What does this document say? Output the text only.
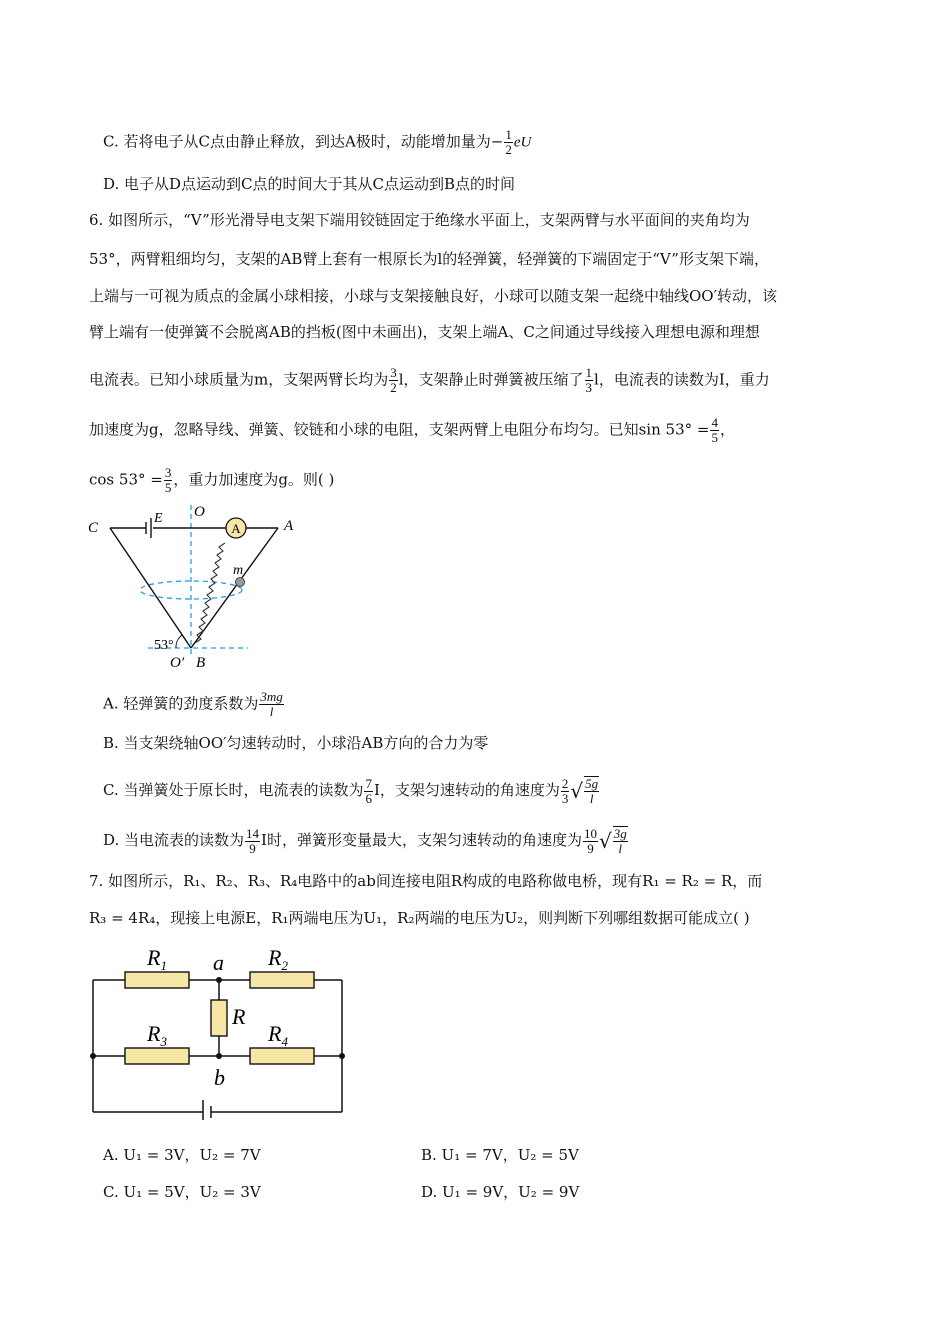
C. 若将电子从C点由静止释放，到达A极时，动能增加量为− $\frac{1}{2}$ eU
D. 电子从D点运动到C点的时间大于其从C点运动到B点的时间
6. 如图所示，“V”形光滑导电支架下端用铰链固定于绝缘水平面上，支架两臂与水平面间的夹角均为
53°，两臂粗细均匀，支架的AB臂上套有一根原长为l的轻弹簧，轻弹簧的下端固定于“V”形支架下端，
上端与一可视为质点的金属小球相接，小球与支架接触良好，小球可以随支架一起绕中轴线OO′转动，该
臂上端有一使弹簧不会脱离AB的挡板(图中未画出)，支架上端A、C之间通过导线接入理想电源和理想
电流表。已知小球质量为m，支架两臂长均为 $\frac{3}{2}$ l，支架静止时弹簧被压缩了 $\frac{1}{3}$ l，电流表的读数为I，重力
加速度为g，忽略导线、弹簧、铰链和小球的电阻，支架两臂上电阻分布均匀。已知$\sin 53^\circ = \frac{4}{5}$ ，
$\cos 53^\circ = \frac{3}{5}$ ，重力加速度为g。则( )
A
C
E O
A
m
53°
O′ B
A. 轻弹簧的劲度系数为 $\frac{3mg}{l}$
B. 当支架绕轴OO′匀速转动时，小球沿AB方向的合力为零
C. 当弹簧处于原长时，电流表的读数为 $\frac{7}{6}$ I，支架匀速转动的角速度为 $\frac{2}{3}$ √ $\frac{5g}{l}$
D. 当电流表的读数为 $\frac{14}{9}$ I时，弹簧形变量最大，支架匀速转动的角速度为 $\frac{10}{9}$ √ $\frac{3g}{l}$
7. 如图所示，R₁、R₂、R₃、R₄电路中的ab间连接电阻R构成的电路称做电桥，现有R₁ = R₂ = R，而
R₃ = 4R₄，现接上电源E，R₁两端电压为U₁，R₂两端的电压为U₂，则判断下列哪组数据可能成立( )
$R_1$ a $R_2$
R
$R_3$	$R_4$
b
A. U₁ = 3V，U₂ = 7V	B. U₁ = 7V，U₂ = 5V
C. U₁ = 5V，U₂ = 3V	D. U₁ = 9V，U₂ = 9V
